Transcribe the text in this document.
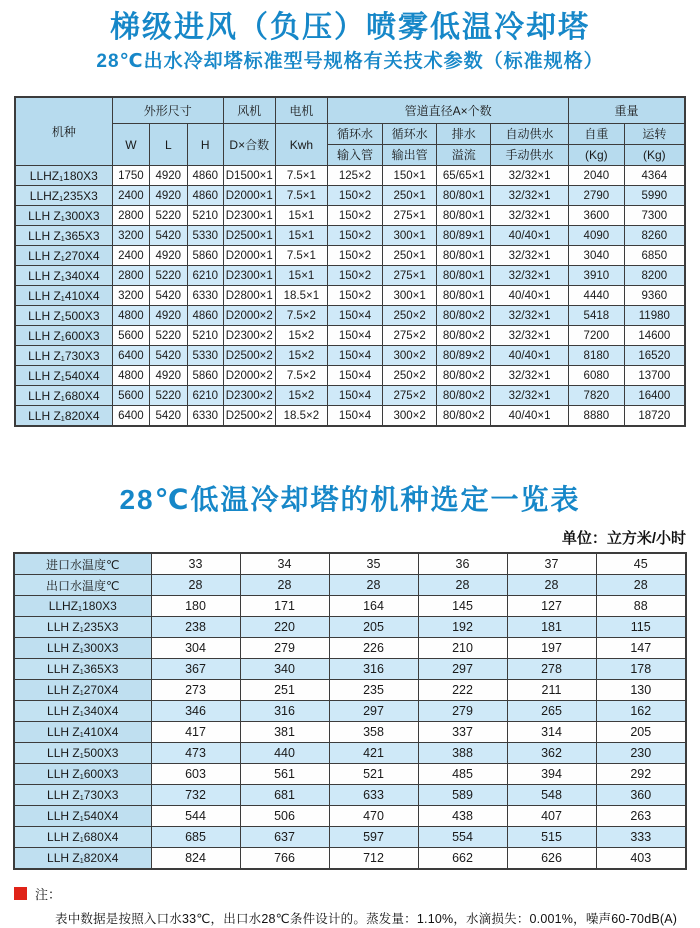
梯级进风（负压）喷雾低温冷却塔
28℃出水冷却塔标准型号规格有关技术参数（标准规格）
机种	外形尺寸			风机	电机	管道直径A×个数				重量	
	W	L	H	D×合数	Kwh	循环水	循环水	排水	自动供水	自重	运转
						输入管	输出管	溢流	手动供水	(Kg)	(Kg)
LLHZ₁180X3	1750	4920	4860	D1500×1	7.5×1	125×2	150×1	65/65×1	32/32×1	2040	4364
LLHZ₁235X3	2400	4920	4860	D2000×1	7.5×1	150×2	250×1	80/80×1	32/32×1	2790	5990
LLH Z₁300X3	2800	5220	5210	D2300×1	15×1	150×2	275×1	80/80×1	32/32×1	3600	7300
LLH Z₁365X3	3200	5420	5330	D2500×1	15×1	150×2	300×1	80/89×1	40/40×1	4090	8260
LLH Z₁270X4	2400	4920	5860	D2000×1	7.5×1	150×2	250×1	80/80×1	32/32×1	3040	6850
LLH Z₁340X4	2800	5220	6210	D2300×1	15×1	150×2	275×1	80/80×1	32/32×1	3910	8200
LLH Z₁410X4	3200	5420	6330	D2800×1	18.5×1	150×2	300×1	80/80×1	40/40×1	4440	9360
LLH Z₁500X3	4800	4920	4860	D2000×2	7.5×2	150×4	250×2	80/80×2	32/32×1	5418	11980
LLH Z₁600X3	5600	5220	5210	D2300×2	15×2	150×4	275×2	80/80×2	32/32×1	7200	14600
LLH Z₁730X3	6400	5420	5330	D2500×2	15×2	150×4	300×2	80/89×2	40/40×1	8180	16520
LLH Z₁540X4	4800	4920	5860	D2000×2	7.5×2	150×4	250×2	80/80×2	32/32×1	6080	13700
LLH Z₁680X4	5600	5220	6210	D2300×2	15×2	150×4	275×2	80/80×2	32/32×1	7820	16400
LLH Z₁820X4	6400	5420	6330	D2500×2	18.5×2	150×4	300×2	80/80×2	40/40×1	8880	18720
28℃低温冷却塔的机种选定一览表
单位：立方米/小时
进口水温度℃	33	34	35	36	37	45
出口水温度℃	28	28	28	28	28	28
LLHZ₁180X3	180	171	164	145	127	88
LLH Z₁235X3	238	220	205	192	181	115
LLH Z₁300X3	304	279	226	210	197	147
LLH Z₁365X3	367	340	316	297	278	178
LLH Z₁270X4	273	251	235	222	211	130
LLH Z₁340X4	346	316	297	279	265	162
LLH Z₁410X4	417	381	358	337	314	205
LLH Z₁500X3	473	440	421	388	362	230
LLH Z₁600X3	603	561	521	485	394	292
LLH Z₁730X3	732	681	633	589	548	360
LLH Z₁540X4	544	506	470	438	407	263
LLH Z₁680X4	685	637	597	554	515	333
LLH Z₁820X4	824	766	712	662	626	403
注：
表中数据是按照入口水33℃，出口水28℃条件设计的。蒸发量：1.10%，水滴损失：0.001%，噪声60-70dB(A)
